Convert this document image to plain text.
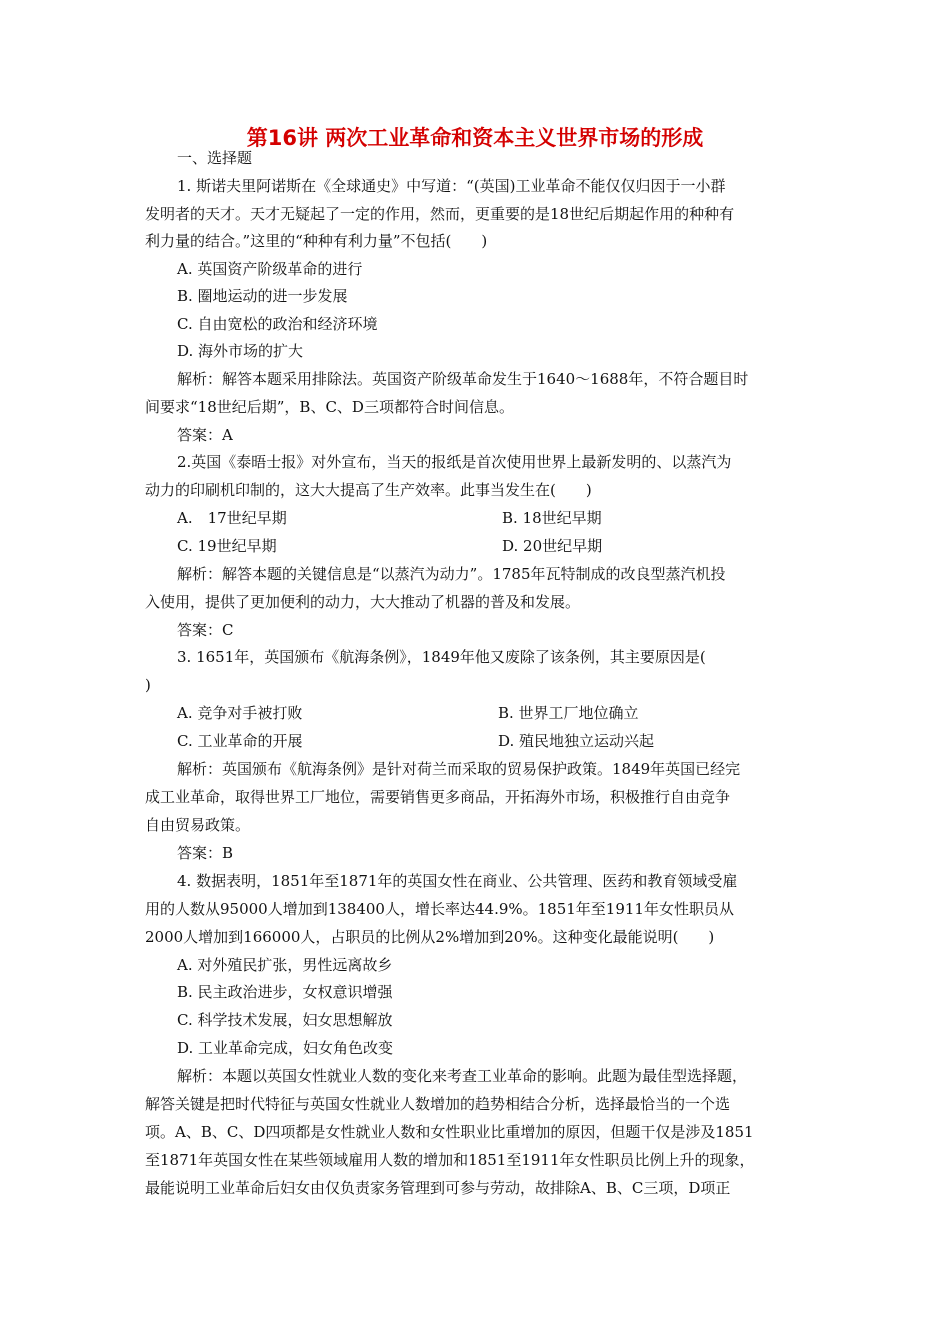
第16讲 两次工业革命和资本主义世界市场的形成
一、选择题
1. 斯诺夫里阿诺斯在《全球通史》中写道：“(英国)工业革命不能仅仅归因于一小群
发明者的天才。天才无疑起了一定的作用，然而，更重要的是18世纪后期起作用的种种有
利力量的结合。”这里的“种种有利力量”不包括(　　)
A. 英国资产阶级革命的进行
B. 圈地运动的进一步发展
C. 自由宽松的政治和经济环境
D. 海外市场的扩大
解析：解答本题采用排除法。英国资产阶级革命发生于1640～1688年，不符合题目时
间要求“18世纪后期”，B、C、D三项都符合时间信息。
答案：A
2.英国《泰晤士报》对外宣布，当天的报纸是首次使用世界上最新发明的、以蒸汽为
动力的印刷机印制的，这大大提高了生产效率。此事当发生在(　　)
A.　17世纪早期	B. 18世纪早期
C. 19世纪早期	D. 20世纪早期
解析：解答本题的关键信息是“以蒸汽为动力”。1785年瓦特制成的改良型蒸汽机投
入使用，提供了更加便利的动力，大大推动了机器的普及和发展。
答案：C
3. 1651年，英国颁布《航海条例》，1849年他又废除了该条例，其主要原因是(
)
A. 竞争对手被打败	B. 世界工厂地位确立
C. 工业革命的开展	D. 殖民地独立运动兴起
解析：英国颁布《航海条例》是针对荷兰而采取的贸易保护政策。1849年英国已经完
成工业革命，取得世界工厂地位，需要销售更多商品，开拓海外市场，积极推行自由竞争
自由贸易政策。
答案：B
4. 数据表明，1851年至1871年的英国女性在商业、公共管理、医药和教育领域受雇
用的人数从95000人增加到138400人，增长率达44.9%。1851年至1911年女性职员从
2000人增加到166000人，占职员的比例从2%增加到20%。这种变化最能说明(　　)
A. 对外殖民扩张，男性远离故乡
B. 民主政治进步，女权意识增强
C. 科学技术发展，妇女思想解放
D. 工业革命完成，妇女角色改变
解析：本题以英国女性就业人数的变化来考查工业革命的影响。此题为最佳型选择题，
解答关键是把时代特征与英国女性就业人数增加的趋势相结合分析，选择最恰当的一个选
项。A、B、C、D四项都是女性就业人数和女性职业比重增加的原因，但题干仅是涉及1851
至1871年英国女性在某些领域雇用人数的增加和1851至1911年女性职员比例上升的现象，
最能说明工业革命后妇女由仅负责家务管理到可参与劳动，故排除A、B、C三项，D项正
